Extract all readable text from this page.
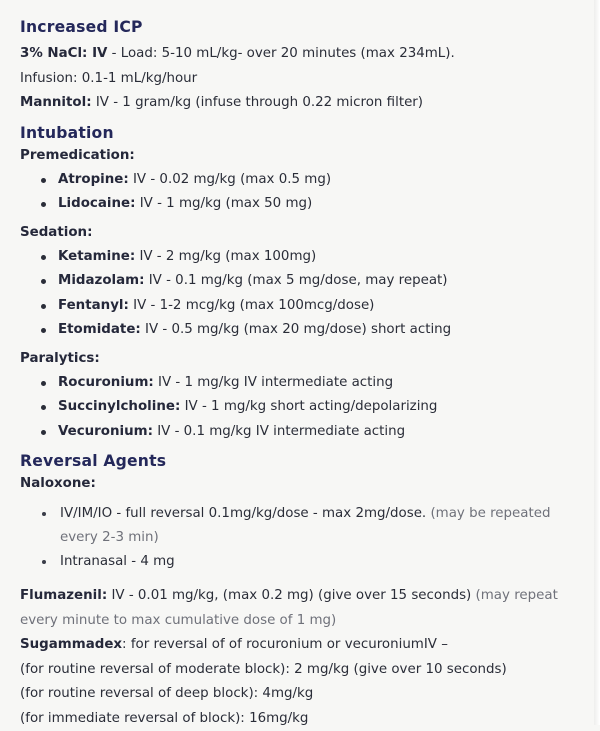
Increased ICP

3% NaCl: IV - Load: 5-10 mL/kg- over 20 minutes (max 234mL).

Infusion: 0.1-1 mL/kg/hour

Mannitol: IV - 1 gram/kg (infuse through 0.22 micron filter)

Intubation

Premedication:

Atropine: IV - 0.02 mg/kg (max 0.5 mg)
Lidocaine: IV - 1 mg/kg (max 50 mg)

Sedation:

Ketamine: IV - 2 mg/kg (max 100mg)
Midazolam: IV - 0.1 mg/kg (max 5 mg/dose, may repeat)
Fentanyl: IV - 1-2 mcg/kg (max 100mcg/dose)
Etomidate: IV - 0.5 mg/kg (max 20 mg/dose) short acting

Paralytics:

Rocuronium: IV - 1 mg/kg IV intermediate acting
Succinylcholine: IV - 1 mg/kg short acting/depolarizing
Vecuronium: IV - 0.1 mg/kg IV intermediate acting
Reversal Agents

Naloxone:

IV/IM/IO - full reversal 0.1mg/kg/dose - max 2mg/dose. (may be repeated every 2-3 min)
Intranasal - 4 mg

Flumazenil: IV - 0.01 mg/kg, (max 0.2 mg) (give over 15 seconds) (may repeat every minute to max cumulative dose of 1 mg)

Sugammadex: for reversal of of rocuronium or vecuroniumIV –

(for routine reversal of moderate block): 2 mg/kg (give over 10 seconds)

(for routine reversal of deep block): 4mg/kg

(for immediate reversal of block): 16mg/kg
